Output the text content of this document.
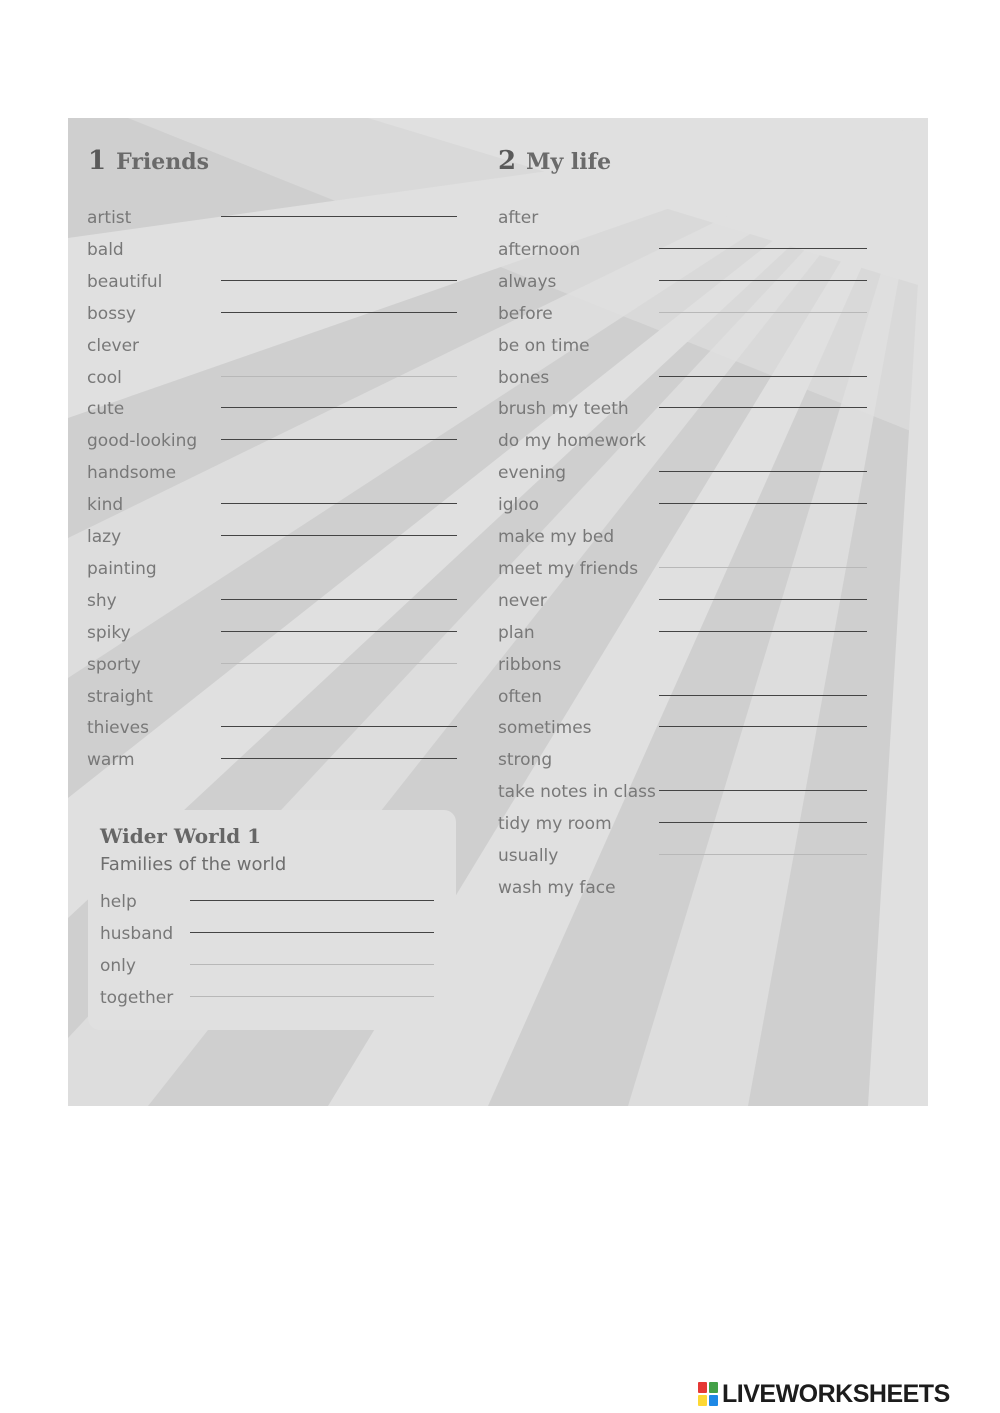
1 Friends
artist
bald
beautiful
bossy
clever
cool
cute
good-looking
handsome
kind
lazy
painting
shy
spiky
sporty
straight
thieves
warm
2 My life
after
afternoon
always
before
be on time
bones
brush my teeth
do my homework
evening
igloo
make my bed
meet my friends
never
plan
ribbons
often
sometimes
strong
take notes in class
tidy my room
usually
wash my face
Wider World 1

Families of the world

help
husband
only
together
LIVEWORKSHEETS
